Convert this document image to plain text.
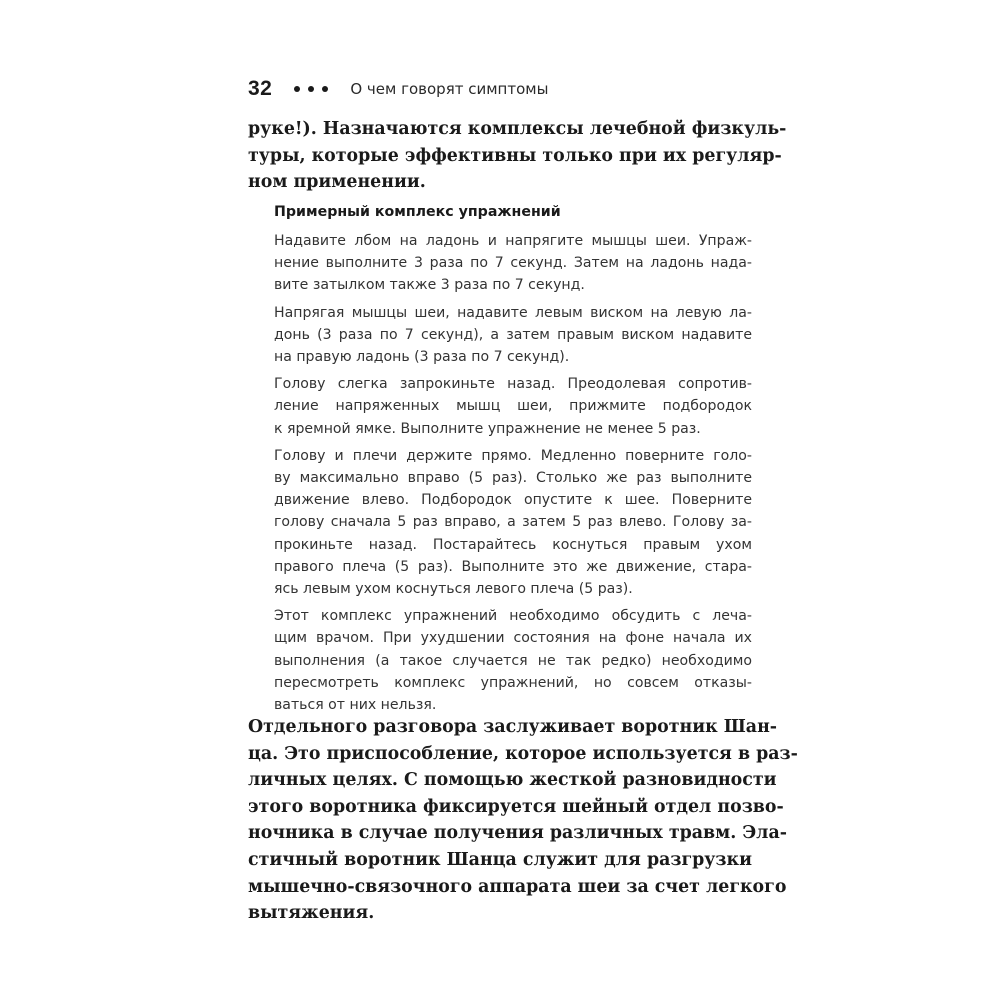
32	О чем говорят симптомы

руке!). Назначаются комплексы лечебной физкуль-
туры, которые эффективны только при их регуляр-
ном применении.

Примерный комплекс упражнений

Надавите лбом на ладонь и напрягите мышцы шеи. Упраж-
нение выполните 3 раза по 7 секунд. Затем на ладонь нада-
вите затылком также 3 раза по 7 секунд.

Напрягая мышцы шеи, надавите левым виском на левую ла-
донь (3 раза по 7 секунд), а затем правым виском надавите
на правую ладонь (3 раза по 7 секунд).

Голову слегка запрокиньте назад. Преодолевая сопротив-
ление напряженных мышц шеи, прижмите подбородок
к яремной ямке. Выполните упражнение не менее 5 раз.

Голову и плечи держите прямо. Медленно поверните голо-
ву максимально вправо (5 раз). Столько же раз выполните
движение влево. Подбородок опустите к шее. Поверните
голову сначала 5 раз вправо, а затем 5 раз влево. Голову за-
прокиньте назад. Постарайтесь коснуться правым ухом
правого плеча (5 раз). Выполните это же движение, стара-
ясь левым ухом коснуться левого плеча (5 раз).

Этот комплекс упражнений необходимо обсудить с леча-
щим врачом. При ухудшении состояния на фоне начала их
выполнения (а такое случается не так редко) необходимо
пересмотреть комплекс упражнений, но совсем отказы-
ваться от них нельзя.

Отдельного разговора заслуживает воротник Шан-
ца. Это приспособление, которое используется в раз-
личных целях. С помощью жесткой разновидности
этого воротника фиксируется шейный отдел позво-
ночника в случае получения различных травм. Эла-
стичный воротник Шанца служит для разгрузки
мышечно-связочного аппарата шеи за счет легкого
вытяжения.
